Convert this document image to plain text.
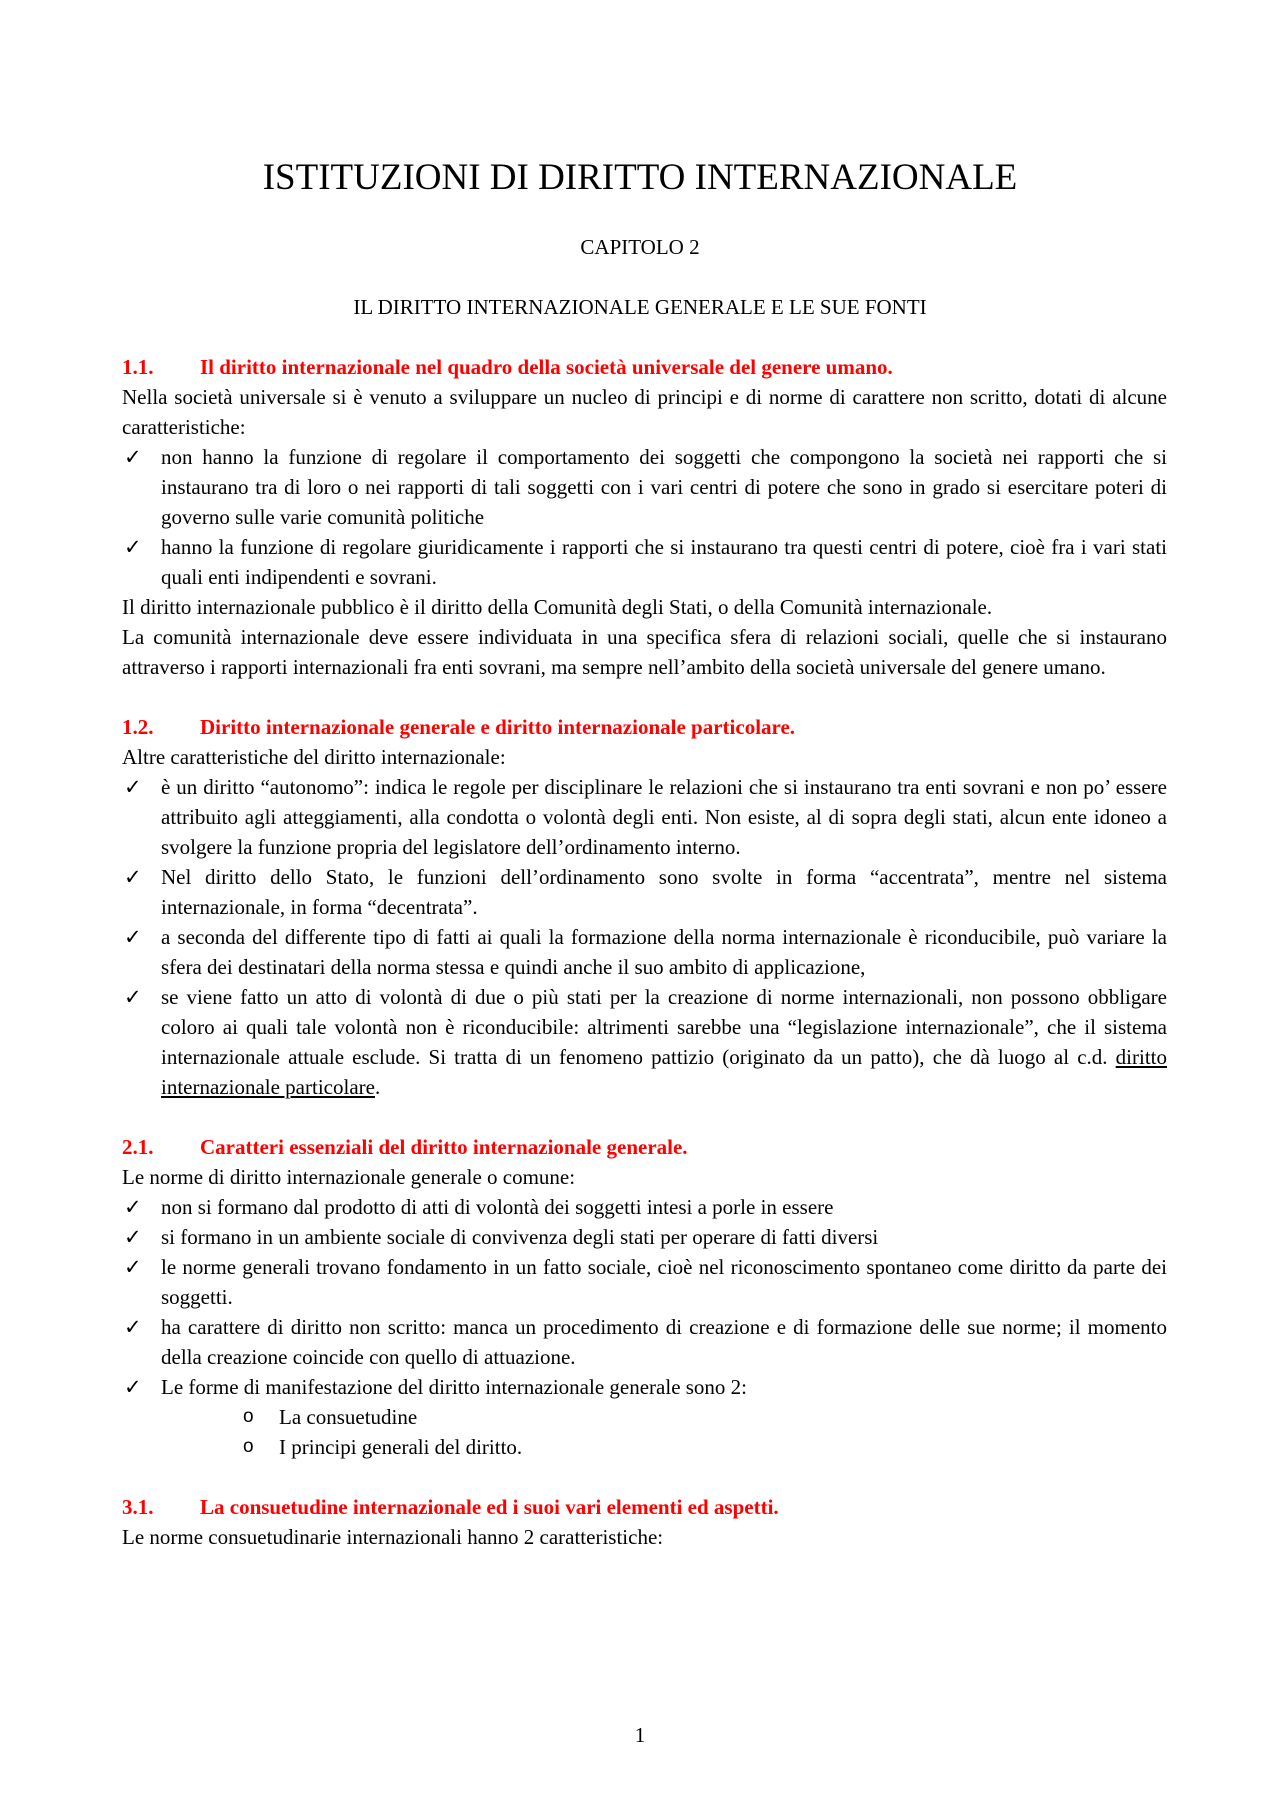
ISTITUZIONI DI DIRITTO INTERNAZIONALE
CAPITOLO 2
IL DIRITTO INTERNAZIONALE GENERALE E LE SUE FONTI
1.1. Il diritto internazionale nel quadro della società universale del genere umano.

Nella società universale si è venuto a sviluppare un nucleo di principi e di norme di carattere non scritto, dotati di alcune caratteristiche:

✓ non hanno la funzione di regolare il comportamento dei soggetti che compongono la società nei rapporti che si instaurano tra di loro o nei rapporti di tali soggetti con i vari centri di potere che sono in grado si esercitare poteri di governo sulle varie comunità politiche
✓ hanno la funzione di regolare giuridicamente i rapporti che si instaurano tra questi centri di potere, cioè fra i vari stati quali enti indipendenti e sovrani.

Il diritto internazionale pubblico è il diritto della Comunità degli Stati, o della Comunità internazionale.

La comunità internazionale deve essere individuata in una specifica sfera di relazioni sociali, quelle che si instaurano attraverso i rapporti internazionali fra enti sovrani, ma sempre nell’ambito della società universale del genere umano.

1.2. Diritto internazionale generale e diritto internazionale particolare.

Altre caratteristiche del diritto internazionale:

✓ è un diritto “autonomo”: indica le regole per disciplinare le relazioni che si instaurano tra enti sovrani e non po’ essere attribuito agli atteggiamenti, alla condotta o volontà degli enti. Non esiste, al di sopra degli stati, alcun ente idoneo a svolgere la funzione propria del legislatore dell’ordinamento interno.
✓ Nel diritto dello Stato, le funzioni dell’ordinamento sono svolte in forma “accentrata”, mentre nel sistema internazionale, in forma “decentrata”.
✓ a seconda del differente tipo di fatti ai quali la formazione della norma internazionale è riconducibile, può variare la sfera dei destinatari della norma stessa e quindi anche il suo ambito di applicazione,
✓ se viene fatto un atto di volontà di due o più stati per la creazione di norme internazionali, non possono obbligare coloro ai quali tale volontà non è riconducibile: altrimenti sarebbe una “legislazione internazionale”, che il sistema internazionale attuale esclude. Si tratta di un fenomeno pattizio (originato da un patto), che dà luogo al c.d. diritto internazionale particolare.
2.1. Caratteri essenziali del diritto internazionale generale.

Le norme di diritto internazionale generale o comune:

✓ non si formano dal prodotto di atti di volontà dei soggetti intesi a porle in essere
✓ si formano in un ambiente sociale di convivenza degli stati per operare di fatti diversi
✓ le norme generali trovano fondamento in un fatto sociale, cioè nel riconoscimento spontaneo come diritto da parte dei soggetti.
✓ ha carattere di diritto non scritto: manca un procedimento di creazione e di formazione delle sue norme; il momento della creazione coincide con quello di attuazione.
✓ Le forme di manifestazione del diritto internazionale generale sono 2:
o La consuetudine
o I principi generali del diritto.
3.1. La consuetudine internazionale ed i suoi vari elementi ed aspetti.

Le norme consuetudinarie internazionali hanno 2 caratteristiche:

1
